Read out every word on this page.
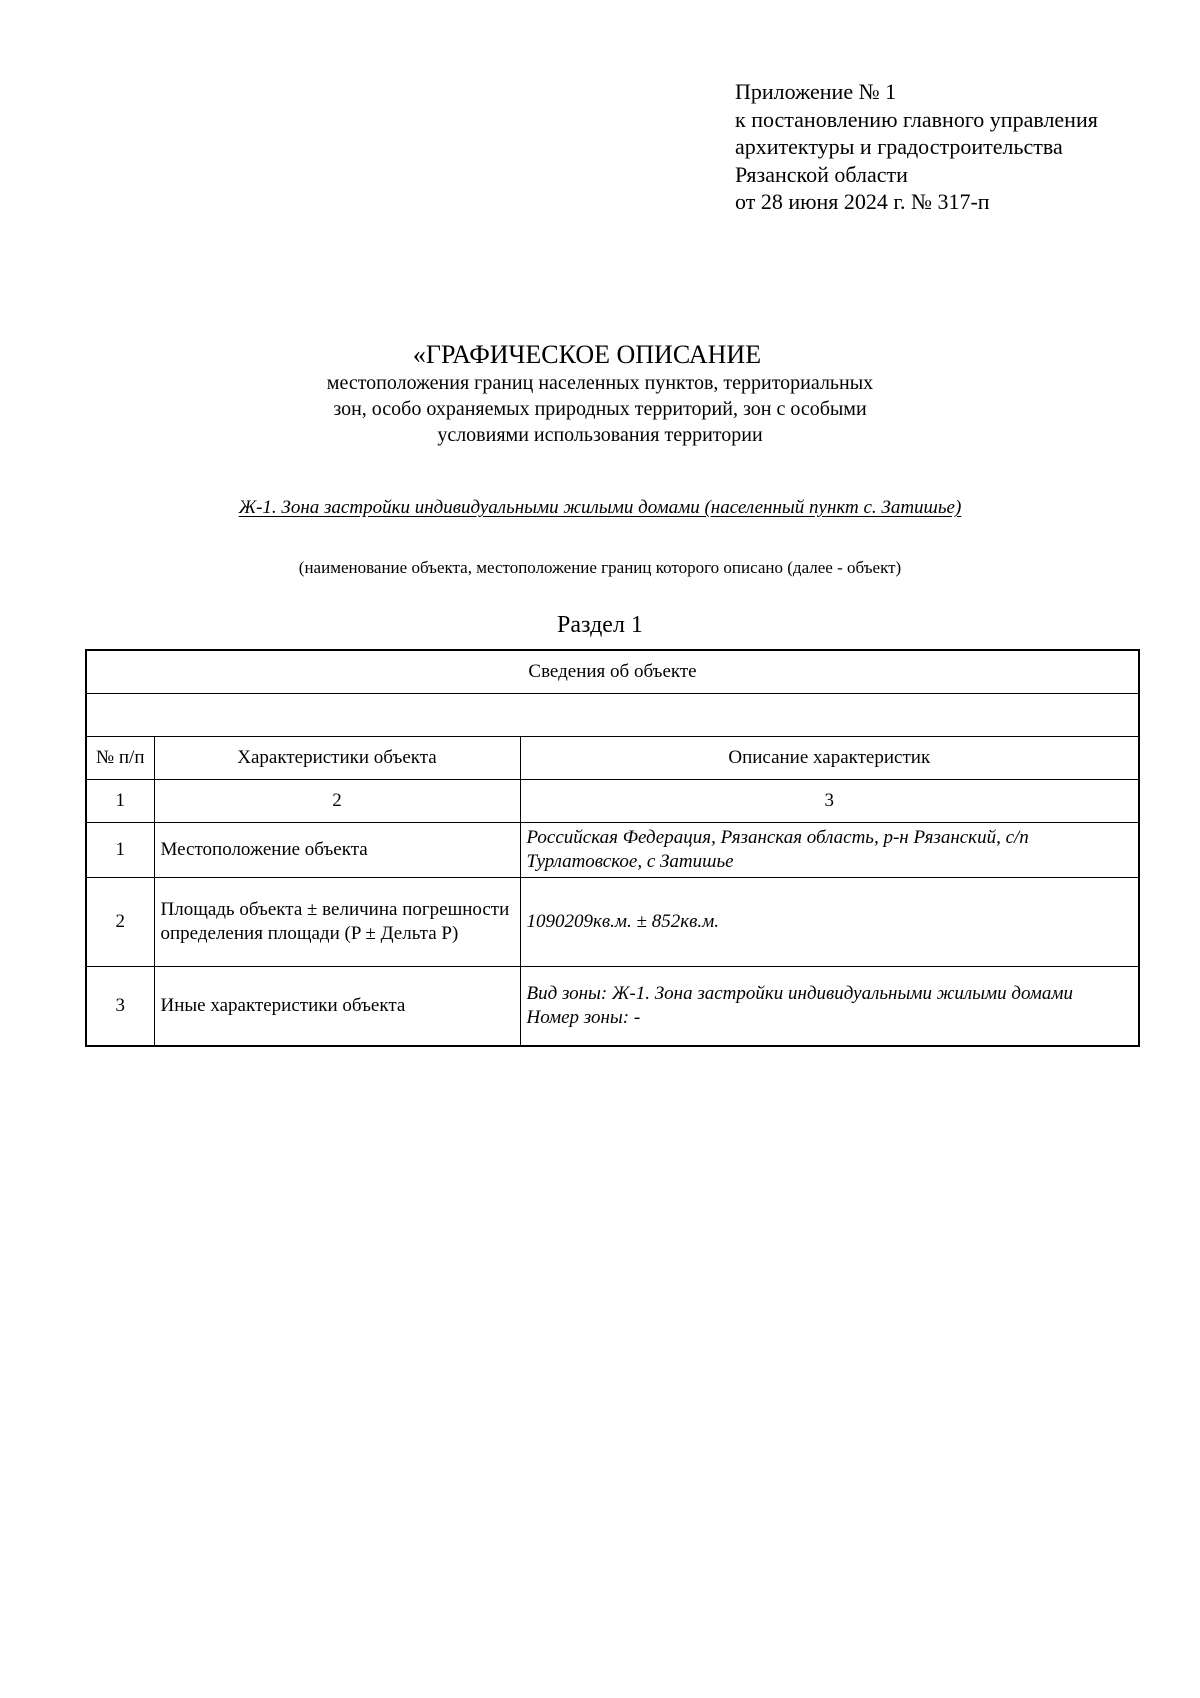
Приложение № 1
к постановлению главного управления
архитектуры и градостроительства
Рязанской области
от 28 июня 2024 г. № 317-п
«ГРАФИЧЕСКОЕ ОПИСАНИЕ
местоположения границ населенных пунктов, территориальных
зон, особо охраняемых природных территорий, зон с особыми
условиями использования территории
Ж-1. Зона застройки индивидуальными жилыми домами (населенный пункт с. Затишье)
(наименование объекта, местоположение границ которого описано (далее - объект)
Раздел 1
Сведения об объекте		

№ п/п	Характеристики объекта	Описание характеристик
1	2	3
1	Местоположение объекта	Российская Федерация, Рязанская область, р-н Рязанский, с/п Турлатовское, с Затишье

2	Площадь объекта ± величина погрешности определения площади (P ± Дельта P)	1090209кв.м. ± 852кв.м.

3	Иные характеристики объекта	Вид зоны: Ж-1. Зона застройки индивидуальными жилыми домами
Номер зоны: -
